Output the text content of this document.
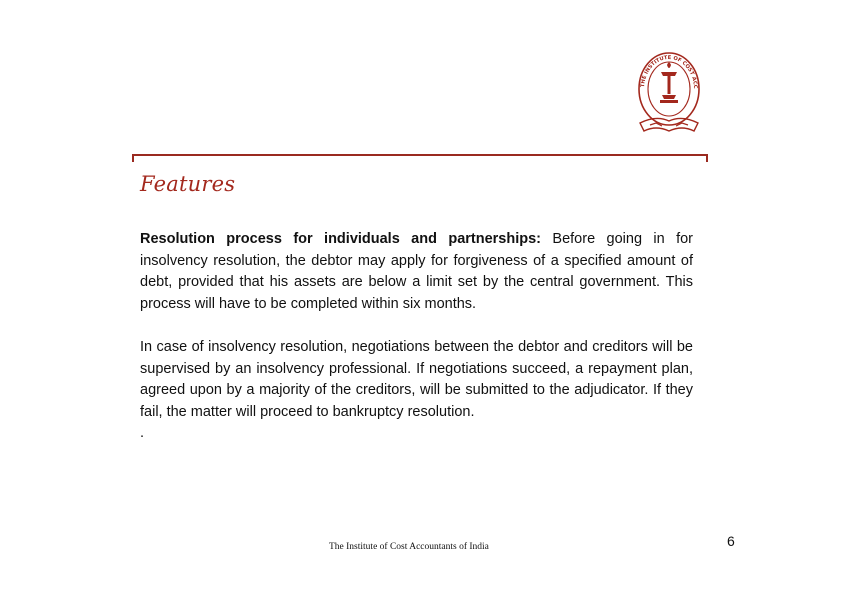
THE INSTITUTE OF COST ACC
Features

Resolution process for individuals and partnerships: Before going in for insolvency resolution, the debtor may apply for forgiveness of a specified amount of debt, provided that his assets are below a limit set by the central government. This process will have to be completed within six months.

In case of insolvency resolution, negotiations between the debtor and creditors will be supervised by an insolvency professional. If negotiations succeed, a repayment plan, agreed upon by a majority of the creditors, will be submitted to the adjudicator. If they fail, the matter will proceed to bankruptcy resolution.

.

The Institute of Cost Accountants of India	6
